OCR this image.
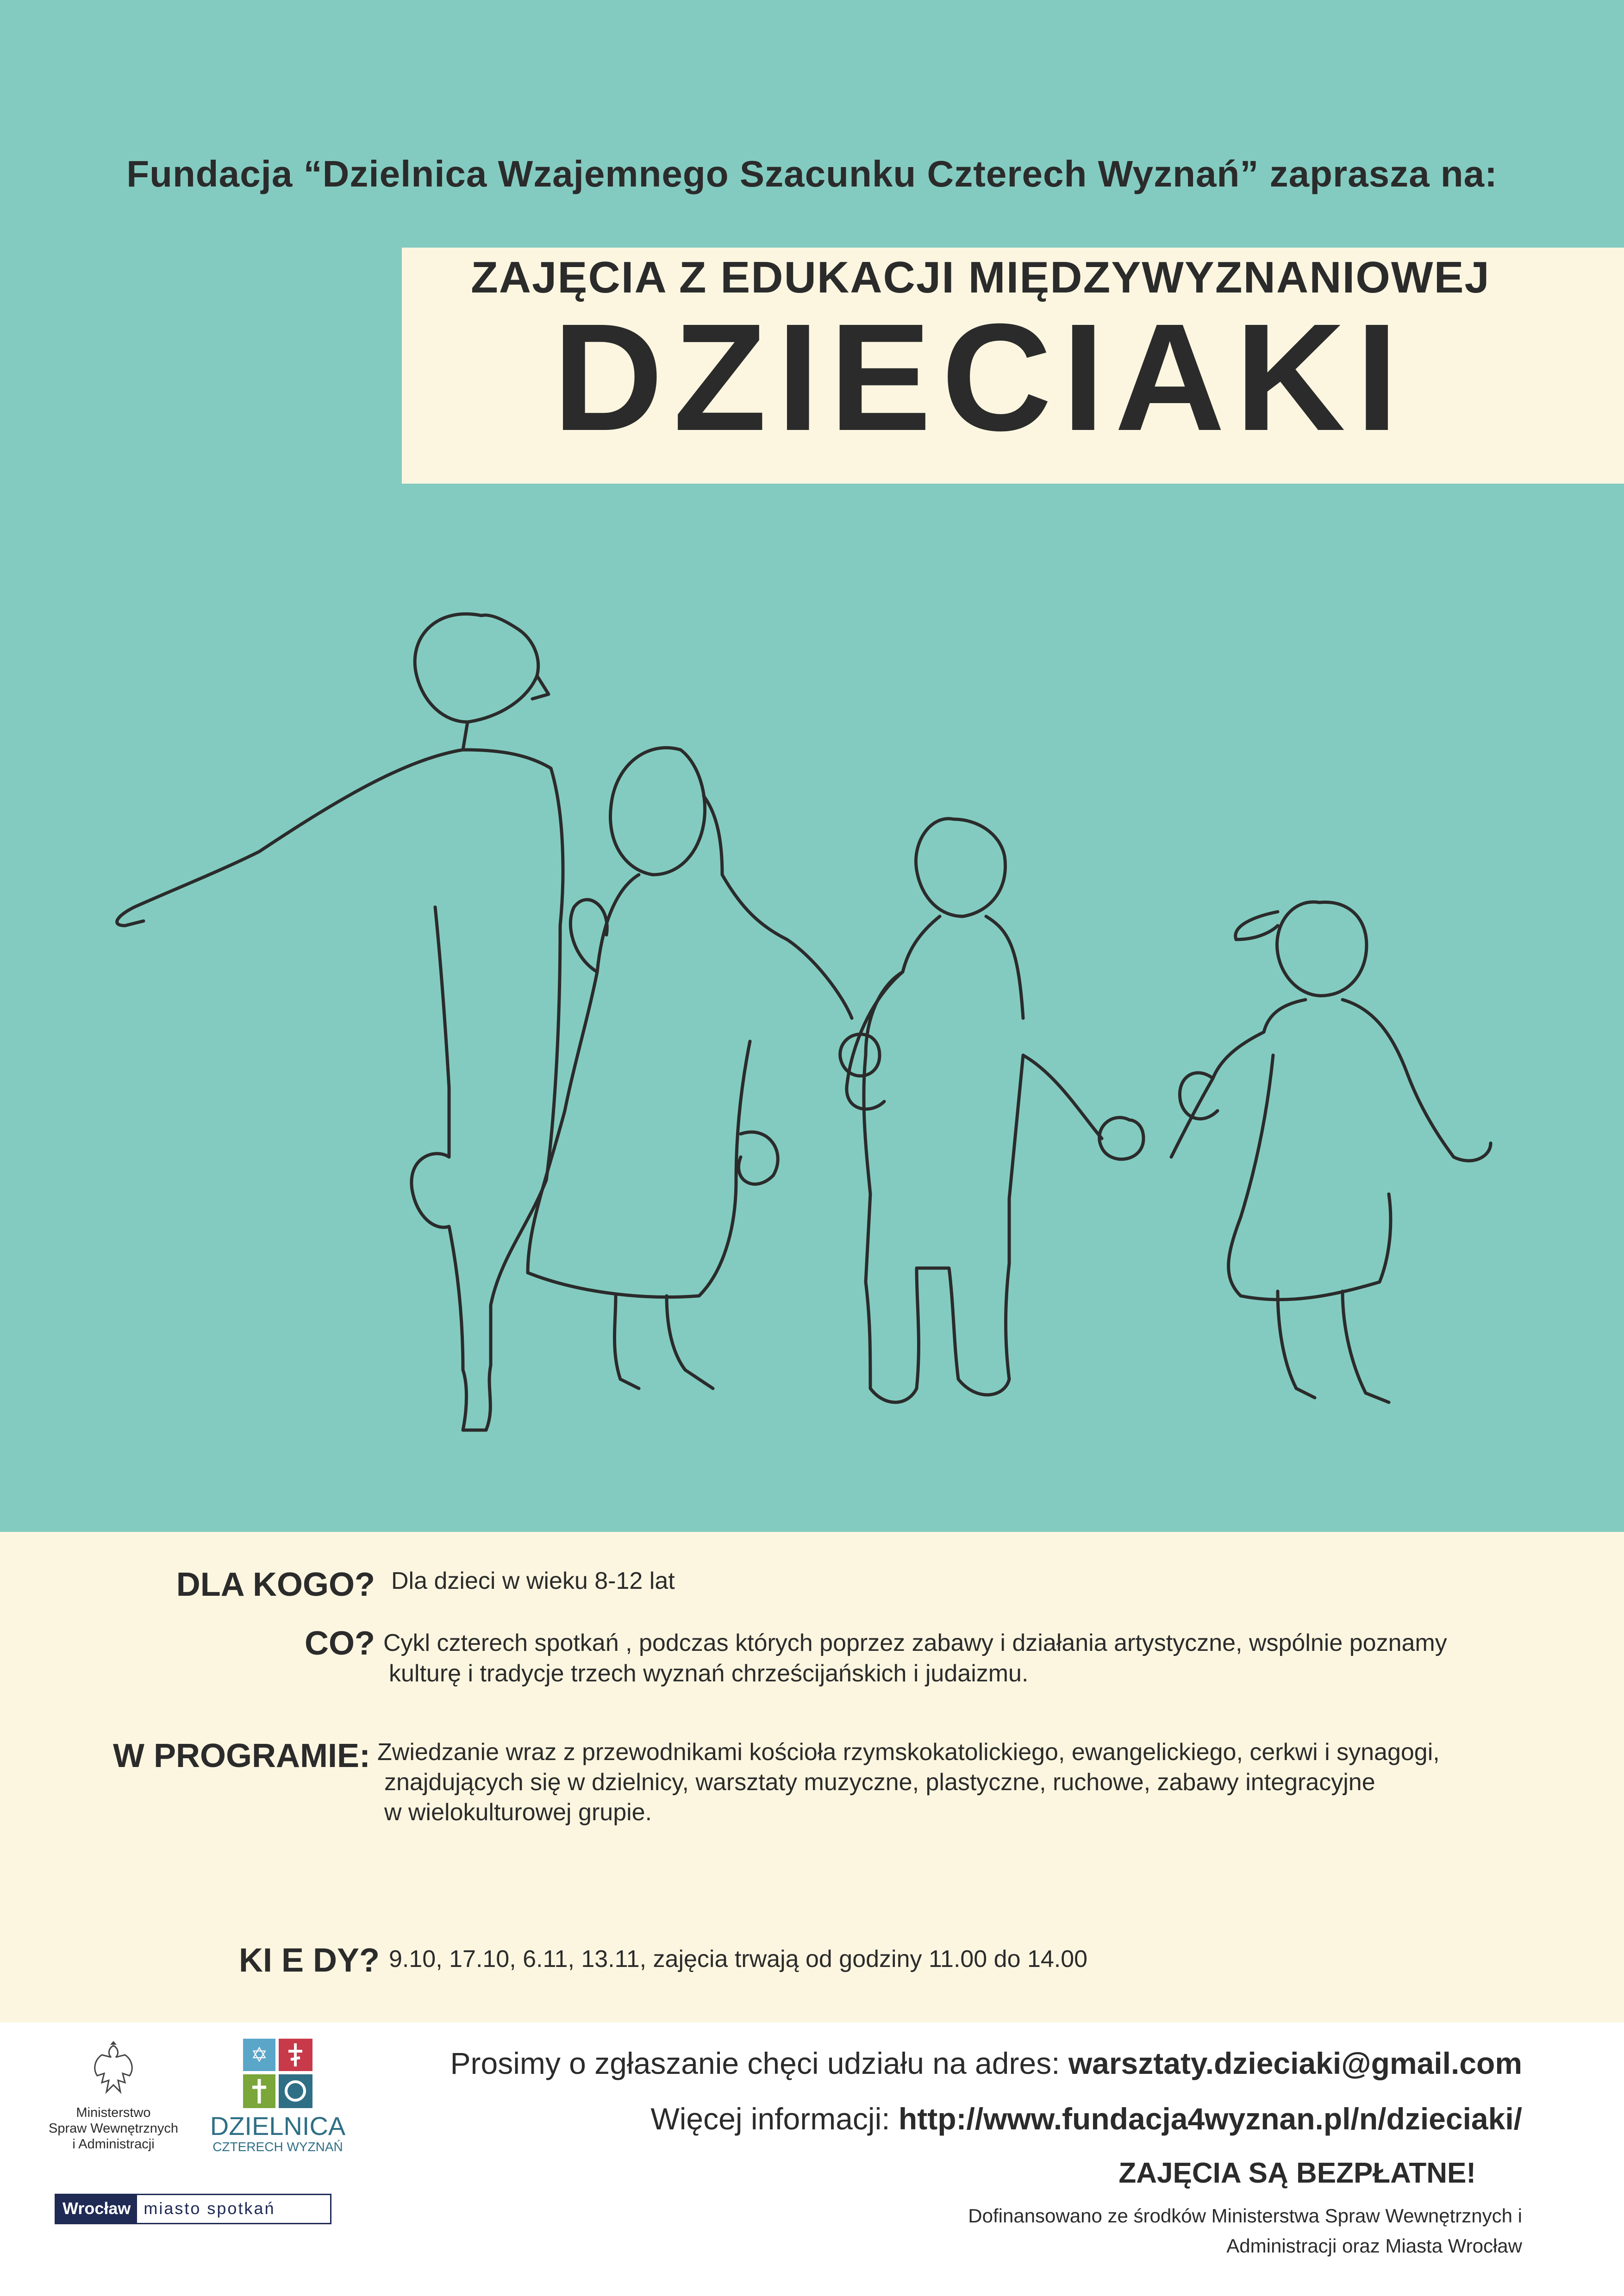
Fundacja “Dzielnica Wzajemnego Szacunku Czterech Wyznań” zaprasza na:
ZAJĘCIA Z EDUKACJI MIĘDZYWYZNANIOWEJ
DZIECIAKI
DLA KOGO? Dla dzieci w wieku 8-12 lat
CO? Cykl czterech spotkań , podczas których poprzez zabawy i działania artystyczne, wspólnie poznamy
kulturę i tradycje trzech wyznań chrześcijańskich i judaizmu.
W PROGRAMIE: Zwiedzanie wraz z przewodnikami kościoła rzymskokatolickiego, ewangelickiego, cerkwi i synagogi,
znajdujących się w dzielnicy, warsztaty muzyczne, plastyczne, ruchowe, zabawy integracyjne
w wielokulturowej grupie.
KI E DY? 9.10, 17.10, 6.11, 13.11, zajęcia trwają od godziny 11.00 do 14.00
Prosimy o zgłaszanie chęci udziału na adres: warsztaty.dzieciaki@gmail.com
Więcej informacji: http://www.fundacja4wyznan.pl/n/dzieciaki/
ZAJĘCIA SĄ BEZPŁATNE!
Dofinansowano ze środków Ministerstwa Spraw Wewnętrznych i
Administracji oraz Miasta Wrocław
Ministerstwo
Spraw Wewnętrznych
i Administracji
✡
DZIELNICA
CZTERECH WYZNAŃ
Wrocław miasto spotkań
